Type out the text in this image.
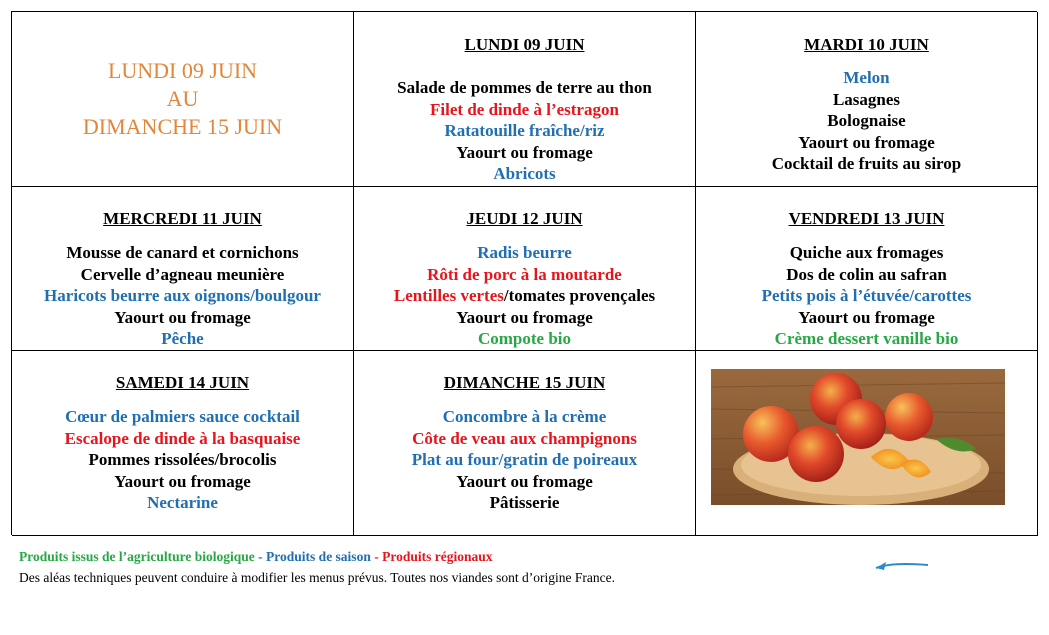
LUNDI 09 JUIN
AU
DIMANCHE 15 JUIN
LUNDI 09 JUIN
Salade de pommes de terre au thon
Filet de dinde à l’estragon
Ratatouille fraîche/riz
Yaourt ou fromage
Abricots
MARDI 10 JUIN
Melon
Lasagnes
Bolognaise
Yaourt ou fromage
Cocktail de fruits au sirop
MERCREDI 11 JUIN
Mousse de canard et cornichons
Cervelle d’agneau meunière
Haricots beurre aux oignons/boulgour
Yaourt ou fromage
Pêche
JEUDI 12 JUIN
Radis beurre
Rôti de porc à la moutarde
Lentilles vertes/tomates provençales
Yaourt ou fromage
Compote bio
VENDREDI 13 JUIN
Quiche aux fromages
Dos de colin au safran
Petits pois à l’étuvée/carottes
Yaourt ou fromage
Crème dessert vanille bio
SAMEDI 14 JUIN
Cœur de palmiers sauce cocktail
Escalope de dinde à la basquaise
Pommes rissolées/brocolis
Yaourt ou fromage
Nectarine
DIMANCHE 15 JUIN
Concombre à la crème
Côte de veau aux champignons
Plat au four/gratin de poireaux
Yaourt ou fromage
Pâtisserie
Produits issus de l’agriculture biologique - Produits de saison - Produits régionaux
Des aléas techniques peuvent conduire à modifier les menus prévus. Toutes nos viandes sont d’origine France.
